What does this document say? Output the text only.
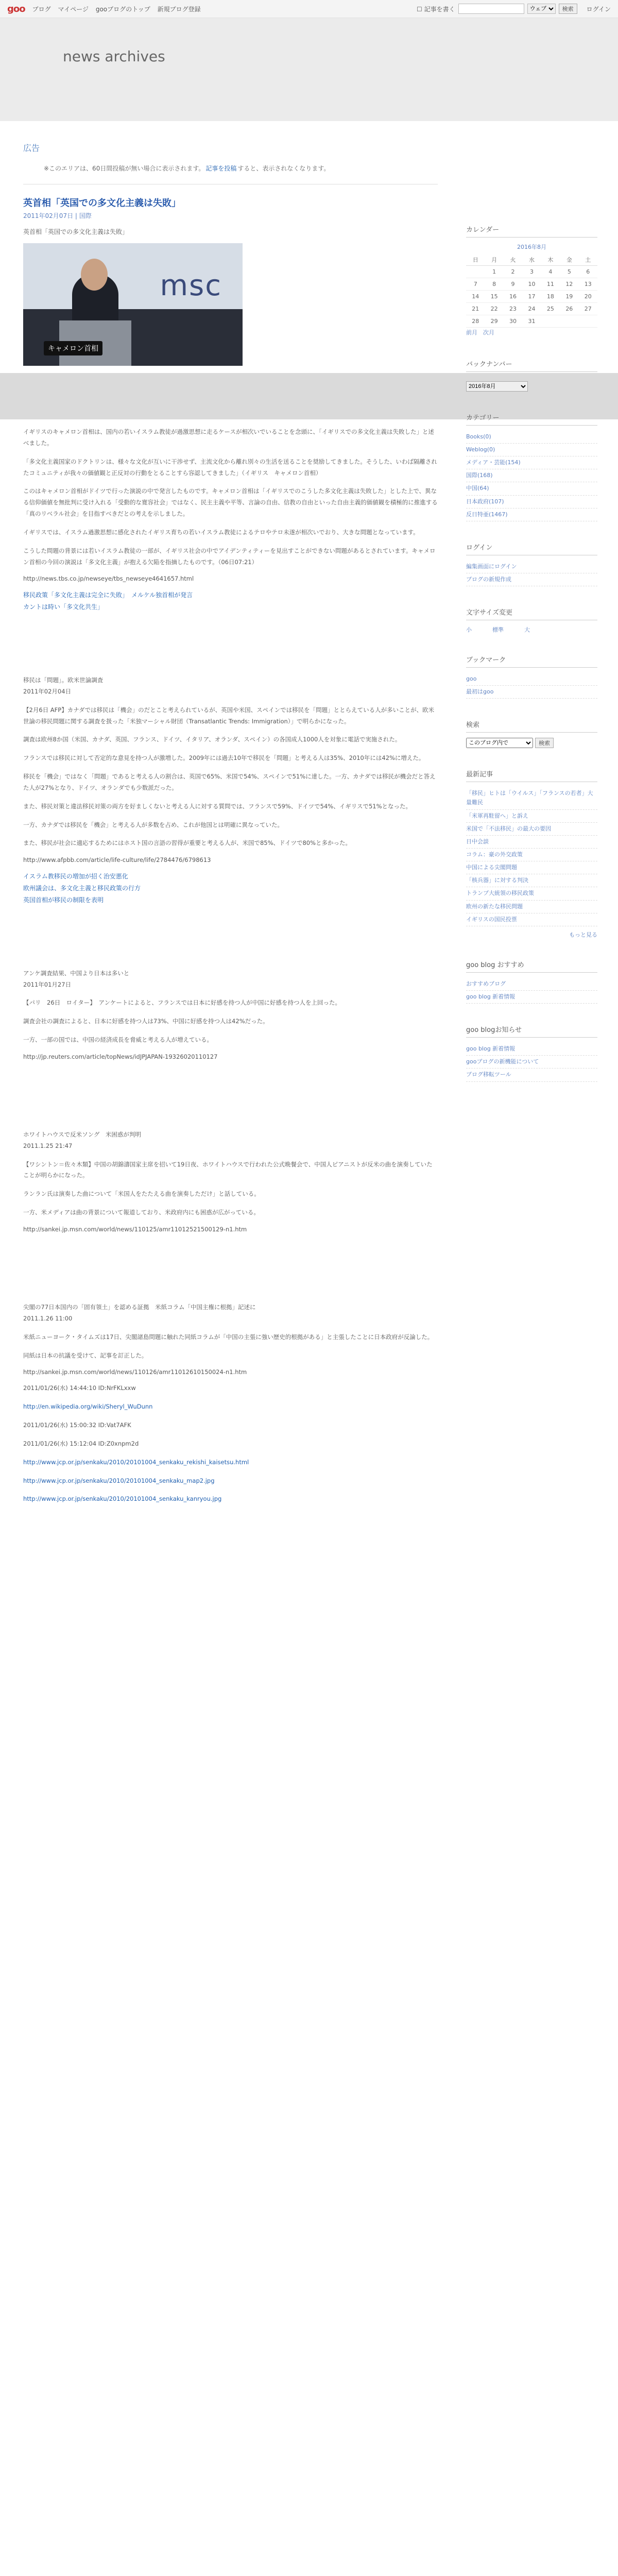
goo ブログ マイページ gooブログのトップ 新規ブログ登録	☐ 記事を書く
ウェブ	検索	ログイン
news archives
広告
※このエリアは、60日間投稿が無い場合に表示されます。 記事を投稿 すると、表示されなくなります。
英首相「英国での多文化主義は失敗」
2011年02月07日 | 国際
英首相「英国での多文化主義は失敗」
msc
キャメロン首相

イギリスのキャメロン首相は、国内の若いイスラム教徒が過激思想に走るケースが相次いでいることを念頭に、「イギリスでの多文化主義は失敗した」と述べました。

「多文化主義国家のドクトリンは、様々な文化が互いに干渉せず、主流文化から離れ別々の生活を送ることを奨励してきました。そうした、いわば隔離されたコミュニティが我々の価値観と正反対の行動をとることすら容認してきました」（イギリス　キャメロン首相）

このはキャメロン首相がドイツで行った演説の中で発言したものです。キャメロン首相は「イギリスでのこうした多文化主義は失敗した」とした上で、異なる信仰価値を無批判に受け入れる「受動的な寛容社会」ではなく、民主主義や平等、言論の自由、信教の自由といった自由主義的価値観を積極的に推進する「真のリベラル社会」を目指すべきだとの考えを示しました。

イギリスでは、イスラム過激思想に感化されたイギリス育ちの若いイスラム教徒によるテロやテロ未遂が相次いでおり、大きな問題となっています。

こうした問題の背景には若いイスラム教徒の一部が、イギリス社会の中でアイデンティティーを見出すことができない問題があるとされています。キャメロン首相の今回の演説は「多文化主義」が抱える欠陥を指摘したものです。（06日07:21）

http://news.tbs.co.jp/newseye/tbs_newseye4641657.html
移民政策「多文化主義は完全に失敗」　メルケル独首相が発言
カントは時い「多文化共生」
移民は「問題」。欧米世論調査
2011年02月04日

【2月6日 AFP】カナダでは移民は「機会」のだとこと考えられているが、英国や米国、スペインでは移民を「問題」ととらえている人が多いことが、欧米世論の移民問題に関する調査を扱った「米独マーシャル財団（Transatlantic Trends: Immigration）」で明らかになった。

調査は欧州8か国（米国、カナダ、英国、フランス、ドイツ、イタリア、オランダ、スペイン）の各国成人1000人を対象に電話で実施された。

フランスでは移民に対して否定的な意見を持つ人が激増した。2009年には過去10年で移民を「問題」と考える人は35%、2010年には42%に増えた。

移民を「機会」ではなく「問題」であると考える人の割合は、英国で65%、米国で54%、スペインで51%に達した。一方、カナダでは移民が機会だと答えた人が27%となり、ドイツ、オランダでも少数派だった。

また、移民対策と違法移民対策の両方を好ましくないと考える人に対する質問では、フランスで59%、ドイツで54%、イギリスで51%となった。

一方、カナダでは移民を「機会」と考える人が多数を占め、これが他国とは明確に異なっていた。

また、移民が社会に適応するためにはホスト国の言語の習得が重要と考える人が、米国で85%、ドイツで80%と多かった。

http://www.afpbb.com/article/life-culture/life/2784476/6798613
イスラム教移民の増加が招く治安悪化
欧州議会は、多文化主義と移民政策の行方
英国首相が移民の制限を表明
アンケ調査結果、中国より日本は多いと
2011年01月27日

【パリ　26日　ロイター】　アンケートによると、フランスでは日本に好感を持つ人が中国に好感を持つ人を上回った。

調査会社の調査によると、日本に好感を持つ人は73%、中国に好感を持つ人は42%だった。

一方、一部の国では、中国の経済成長を脅威と考える人が増えている。

http://jp.reuters.com/article/topNews/idJPJAPAN-19326020110127
ホワイトハウスで反米ソング　米困惑が判明
2011.1.25 21:47

【ワシントン＝佐々木類】中国の胡錦濤国家主席を招いて19日夜、ホワイトハウスで行われた公式晩餐会で、中国人ピアニストが反米の曲を演奏していたことが明らかになった。

ランラン氏は演奏した曲について「米国人をたたえる曲を演奏しただけ」と話している。

一方、米メディアは曲の背景について報道しており、米政府内にも困惑が広がっている。

http://sankei.jp.msn.com/world/news/110125/amr11012521500129-n1.htm
尖閣の77日本国内の「固有領土」を認める証拠　米紙コラム「中国主権に根拠」記述に
2011.1.26 11:00

米紙ニューヨーク・タイムズは17日、尖閣諸島問題に触れた同紙コラムが「中国の主張に強い歴史的根拠がある」と主張したことに日本政府が反論した。

同紙は日本の抗議を受けて、記事を訂正した。

http://sankei.jp.msn.com/world/news/110126/amr11012610150024-n1.htm

2011/01/26(水) 14:44:10 ID:NrFKLxxw

http://en.wikipedia.org/wiki/Sheryl_WuDunn

2011/01/26(水) 15:00:32 ID:Vat7AFK

2011/01/26(水) 15:12:04 ID:Z0xnpm2d

http://www.jcp.or.jp/senkaku/2010/20101004_senkaku_rekishi_kaisetsu.html

http://www.jcp.or.jp/senkaku/2010/20101004_senkaku_map2.jpg

http://www.jcp.or.jp/senkaku/2010/20101004_senkaku_kanryou.jpg

カレンダー
2016年8月
日	月	火	水	木	金	土
	1	2	3	4	5	6
7	8	9	10	11	12	13
14	15	16	17	18	19	20
21	22	23	24	25	26	27
28	29	30	31			
前月　次月
バックナンバー
2016年8月
カテゴリー
Books(0)
Weblog(0)
メディア・芸能(154)
国際(168)
中国(64)
日本政府(107)
反日特亜(1467)
ログイン
編集画面にログイン
ブログの新規作成
文字サイズ変更
小	標準	大
ブックマーク
goo
最初はgoo
検索
このブログ内で
検索
最新記事
「移民」ヒトは「ウイルス」「フランスの若者」大量難民
「米軍再駐留へ」と訴え
米国で「不法移民」の最大の要因
日中会談
コラム：豪の外交政策
中国による尖閣問題
「核兵器」に対する判決
トランプ大統領の移民政策
欧州の新たな移民問題
イギリスの国民投票
もっと見る
goo blog おすすめ
おすすめブログ
goo blog 新着情報
goo blogお知らせ
goo blog 新着情報
gooブログの新機能について
ブログ移転ツール
